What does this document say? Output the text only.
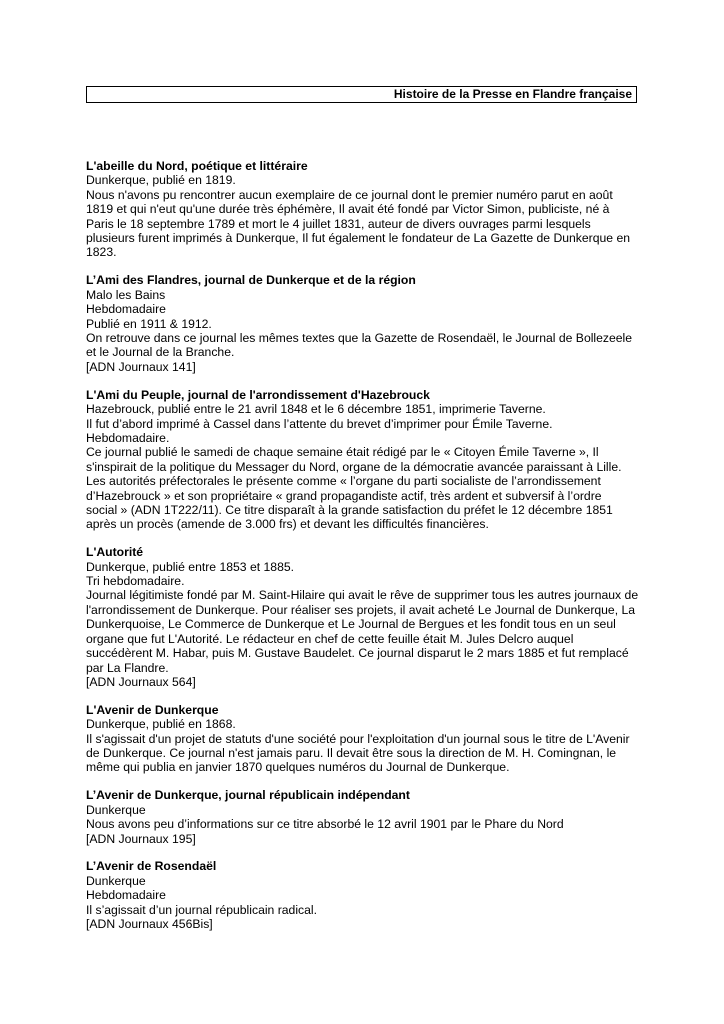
Histoire de la Presse en Flandre française
L'abeille du Nord, poétique et littéraire
Dunkerque, publié en 1819.
Nous n'avons pu rencontrer aucun exemplaire de ce journal dont le premier numéro parut en août
1819 et qui n'eut qu'une durée très éphémère, Il avait été fondé par Victor Simon, publiciste, né à
Paris le 18 septembre 1789 et mort le 4 juillet 1831, auteur de divers ouvrages parmi lesquels
plusieurs furent imprimés à Dunkerque, Il fut également le fondateur de La Gazette de Dunkerque en
1823.
L’Ami des Flandres, journal de Dunkerque et de la région
Malo les Bains
Hebdomadaire
Publié en 1911 & 1912.
On retrouve dans ce journal les mêmes textes que la Gazette de Rosendaël, le Journal de Bollezeele
et le Journal de la Branche.
[ADN Journaux 141]
L'Ami du Peuple, journal de l'arrondissement d'Hazebrouck
Hazebrouck, publié entre le 21 avril 1848 et le 6 décembre 1851, imprimerie Taverne.
Il fut d’abord imprimé à Cassel dans l’attente du brevet d’imprimer pour Émile Taverne.
Hebdomadaire.
Ce journal publié le samedi de chaque semaine était rédigé par le « Citoyen Émile Taverne », Il
s'inspirait de la politique du Messager du Nord, organe de la démocratie avancée paraissant à Lille.
Les autorités préfectorales le présente comme « l’organe du parti socialiste de l’arrondissement
d’Hazebrouck » et son propriétaire « grand propagandiste actif, très ardent et subversif à l’ordre
social » (ADN 1T222/11). Ce titre disparaît à la grande satisfaction du préfet le 12 décembre 1851
après un procès (amende de 3.000 frs) et devant les difficultés financières.
L'Autorité
Dunkerque, publié entre 1853 et 1885.
Tri hebdomadaire.
Journal légitimiste fondé par M. Saint-Hilaire qui avait le rêve de supprimer tous les autres journaux de
l'arrondissement de Dunkerque. Pour réaliser ses projets, il avait acheté Le Journal de Dunkerque, La
Dunkerquoise, Le Commerce de Dunkerque et Le Journal de Bergues et les fondit tous en un seul
organe que fut L'Autorité. Le rédacteur en chef de cette feuille était M. Jules Delcro auquel
succédèrent M. Habar, puis M. Gustave Baudelet. Ce journal disparut le 2 mars 1885 et fut remplacé
par La Flandre.
[ADN Journaux 564]
L'Avenir de Dunkerque
Dunkerque, publié en 1868.
Il s'agissait d'un projet de statuts d'une société pour l'exploitation d'un journal sous le titre de L'Avenir
de Dunkerque. Ce journal n'est jamais paru. Il devait être sous la direction de M. H. Comingnan, le
même qui publia en janvier 1870 quelques numéros du Journal de Dunkerque.
L’Avenir de Dunkerque, journal républicain indépendant
Dunkerque
Nous avons peu d’informations sur ce titre absorbé le 12 avril 1901 par le Phare du Nord
[ADN Journaux 195]
L’Avenir de Rosendaël
Dunkerque
Hebdomadaire
Il s’agissait d’un journal républicain radical.
[ADN Journaux 456Bis]
